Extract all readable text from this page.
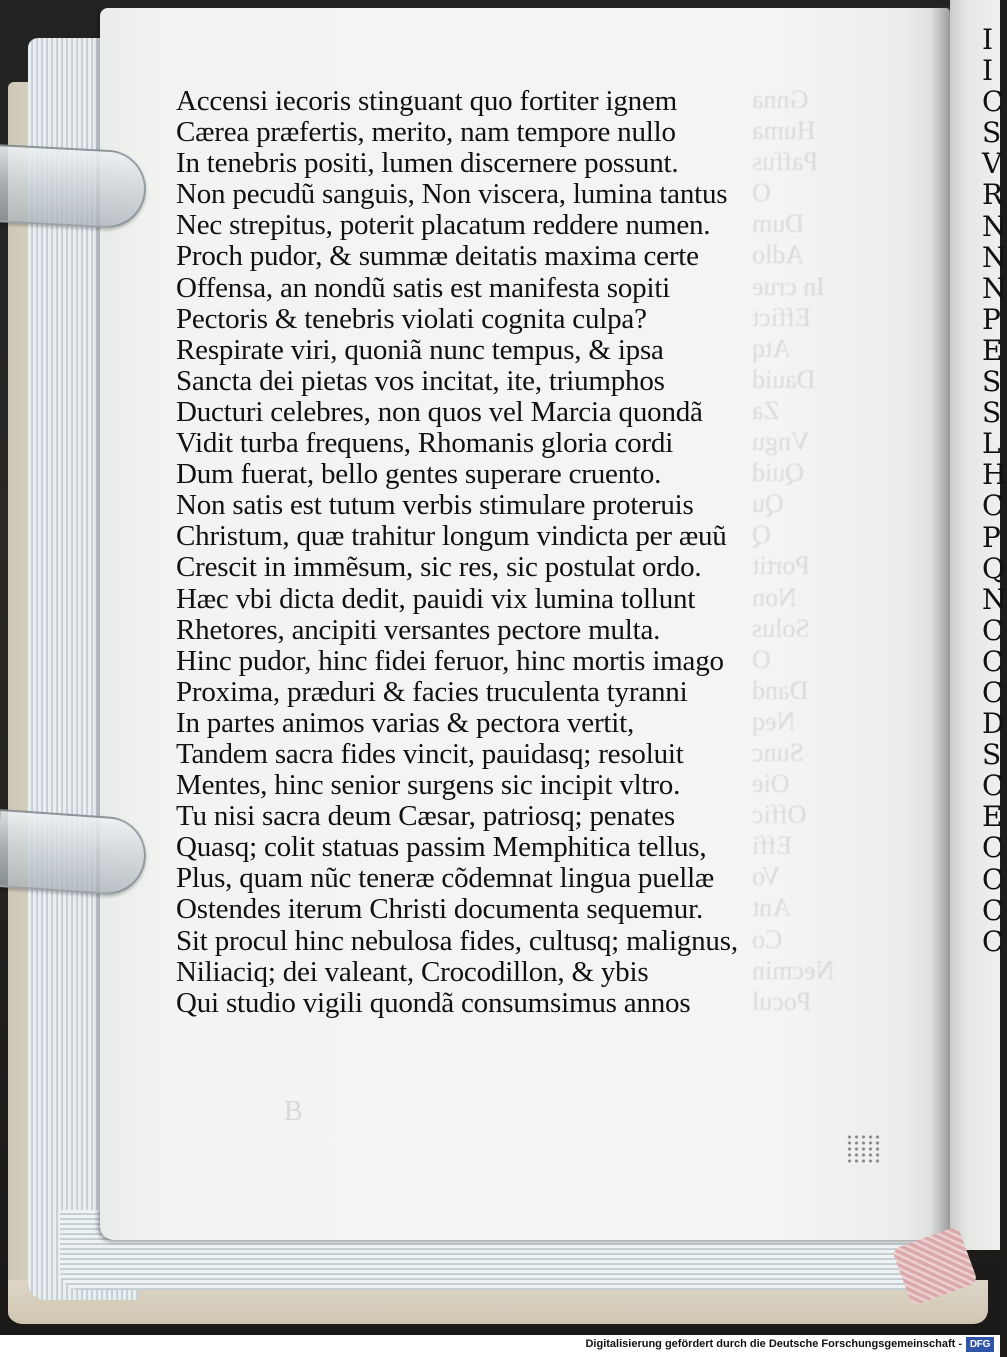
Gnna
Huma
Paffus
O
Dum
Adlo
In crue
Effict
Atq
Dauid
Za
Vngu
Quid
Qu
Q
Portit
Non
Solus
O
Dand
Neq
Sunc
Oie
Offic
Effi
Vo
Ant
Co
Necmin
Pocul
B
Accensi iecoris stinguant quo fortiter ignem
Cærea præfertis, merito, nam tempore nullo
In tenebris positi, lumen discernere possunt.
Non pecudũ sanguis, Non viscera, lumina tantus
Nec strepitus, poterit placatum reddere numen.
Proch pudor, & summæ deitatis maxima certe
Offensa, an nondũ satis est manifesta sopiti
Pectoris & tenebris violati cognita culpa?
Respirate viri, quoniã nunc tempus, & ipsa
Sancta dei pietas vos incitat, ite, triumphos
Ducturi celebres, non quos vel Marcia quondã
Vidit turba frequens, Rhomanis gloria cordi
Dum fuerat, bello gentes superare cruento.
Non satis est tutum verbis stimulare proteruis
Christum, quæ trahitur longum vindicta per æuũ
Crescit in immẽsum, sic res, sic postulat ordo.
Hæc vbi dicta dedit, pauidi vix lumina tollunt
Rhetores, ancipiti versantes pectore multa.
Hinc pudor, hinc fidei feruor, hinc mortis imago
Proxima, præduri & facies truculenta tyranni
In partes animos varias & pectora vertit,
Tandem sacra fides vincit, pauidasq; resoluit
Mentes, hinc senior surgens sic incipit vltro.
Tu nisi sacra deum Cæsar, patriosq; penates
Quasq; colit statuas passim Memphitica tellus,
Plus, quam nũc teneræ cõdemnat lingua puellæ
Ostendes iterum Christi documenta sequemur.
Sit procul hinc nebulosa fides, cultusq; malignus,
Niliaciq; dei valeant, Crocodillon, & ybis
Qui studio vigili quondã consumsimus annos
I
I
C
S
V
R
N
N
N
P
E
S
S
L
H
C
P
Q
N
C
C
C
D
S
C
E
C
C
C
C
Digitalisierung gefördert durch die Deutsche Forschungsgemeinschaft - DFG
